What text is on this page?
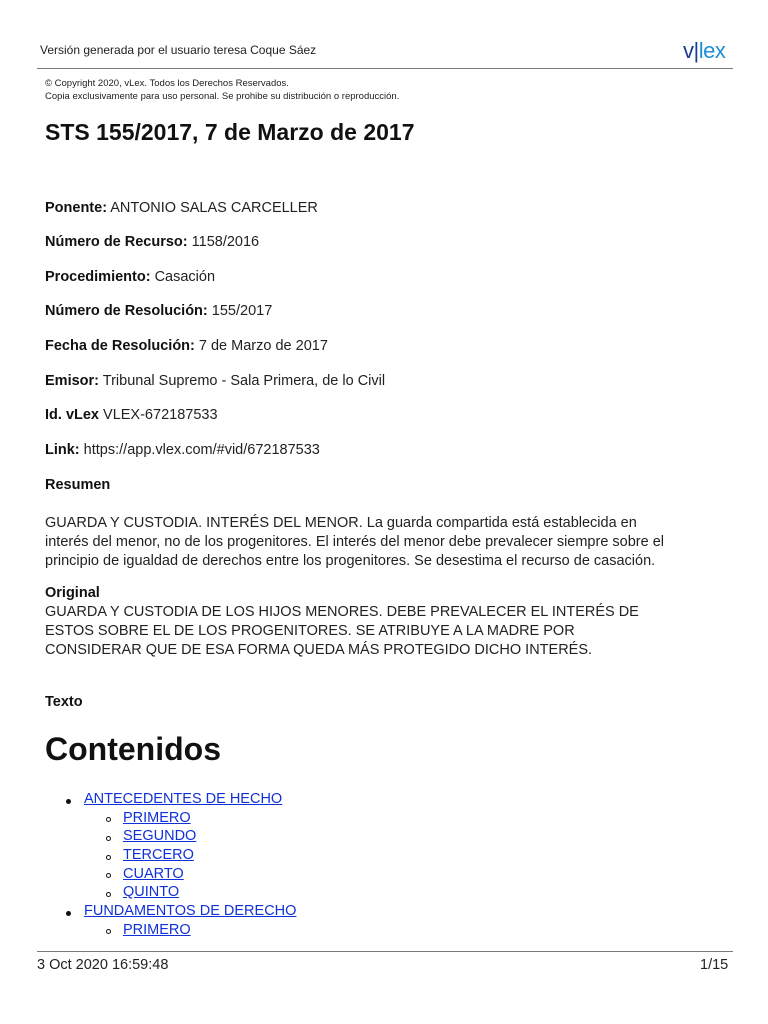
Versión generada por el usuario teresa Coque Sáez	v|lex
© Copyright 2020, vLex. Todos los Derechos Reservados.
Copia exclusivamente para uso personal. Se prohibe su distribución o reproducción.
STS 155/2017, 7 de Marzo de 2017
Ponente: ANTONIO SALAS CARCELLER
Número de Recurso: 1158/2016
Procedimiento: Casación
Número de Resolución: 155/2017
Fecha de Resolución: 7 de Marzo de 2017
Emisor: Tribunal Supremo - Sala Primera, de lo Civil
Id. vLex VLEX-672187533
Link: https://app.vlex.com/#vid/672187533
Resumen
GUARDA Y CUSTODIA. INTERÉS DEL MENOR. La guarda compartida está establecida en
interés del menor, no de los progenitores. El interés del menor debe prevalecer siempre sobre el
principio de igualdad de derechos entre los progenitores. Se desestima el recurso de casación.
Original
GUARDA Y CUSTODIA DE LOS HIJOS MENORES. DEBE PREVALECER EL INTERÉS DE
ESTOS SOBRE EL DE LOS PROGENITORES. SE ATRIBUYE A LA MADRE POR
CONSIDERAR QUE DE ESA FORMA QUEDA MÁS PROTEGIDO DICHO INTERÉS.
Texto
Contenidos
ANTECEDENTES DE HECHO
PRIMERO
SEGUNDO
TERCERO
CUARTO
QUINTO
FUNDAMENTOS DE DERECHO
PRIMERO
3 Oct 2020 16:59:48	1/15
